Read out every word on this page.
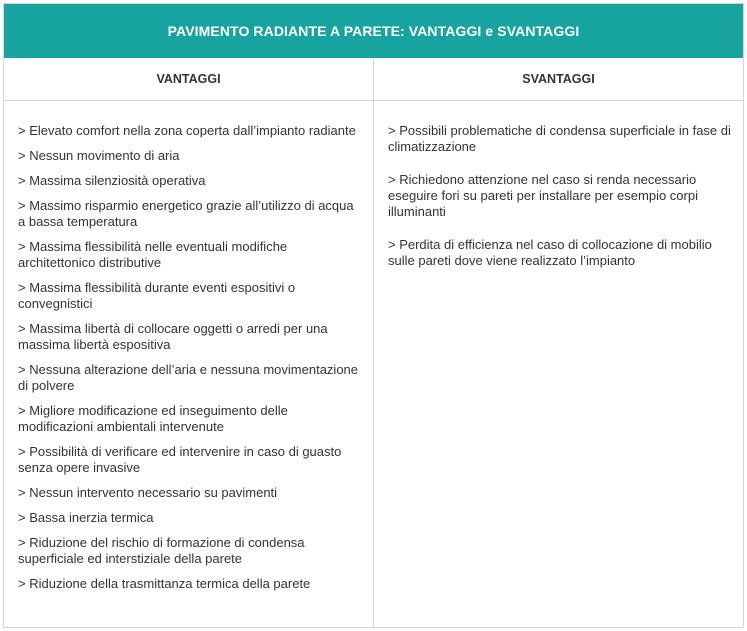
PAVIMENTO RADIANTE A PARETE: VANTAGGI e SVANTAGGI
VANTAGGI	SVANTAGGI

> Elevato comfort nella zona coperta dall’impianto radiante

> Nessun movimento di aria

> Massima silenziosità operativa

> Massimo risparmio energetico grazie all’utilizzo di acqua a bassa temperatura

> Massima flessibilità nelle eventuali modifiche architettonico distributive

> Massima flessibilità durante eventi espositivi o convegnistici

> Massima libertà di collocare oggetti o arredi per una massima libertà espositiva

> Nessuna alterazione dell’aria e nessuna movimentazione di polvere

> Migliore modificazione ed inseguimento delle modificazioni ambientali intervenute

> Possibilità di verificare ed intervenire in caso di guasto senza opere invasive

> Nessun intervento necessario su pavimenti

> Bassa inerzia termica

> Riduzione del rischio di formazione di condensa superficiale ed interstiziale della parete

> Riduzione della trasmittanza termica della parete

> Possibili problematiche di condensa superficiale in fase di climatizzazione

> Richiedono attenzione nel caso si renda necessario eseguire fori su pareti per installare per esempio corpi illuminanti

> Perdita di efficienza nel caso di collocazione di mobilio sulle pareti dove viene realizzato l’impianto
